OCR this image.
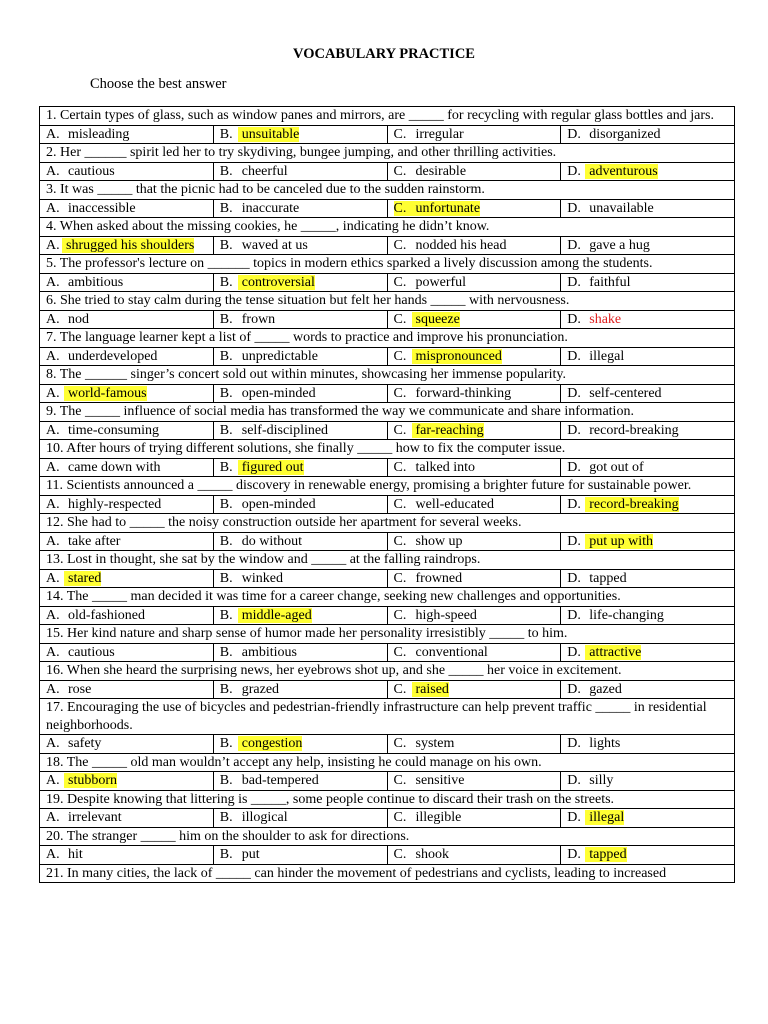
VOCABULARY PRACTICE
Choose the best answer
1. Certain types of glass, such as window panes and mirrors, are _____ for recycling with regular glass bottles and jars.			
A. misleading	B. unsuitable	C. irregular	D. disorganized
2. Her ______ spirit led her to try skydiving, bungee jumping, and other thrilling activities.			
A. cautious	B. cheerful	C. desirable	D. adventurous
3. It was _____ that the picnic had to be canceled due to the sudden rainstorm.			
A. inaccessible	B. inaccurate	C. unfortunate	D. unavailable
4. When asked about the missing cookies, he _____, indicating he didn’t know.			
A. shrugged his shoulders	B. waved at us	C. nodded his head	D. gave a hug
5. The professor's lecture on ______ topics in modern ethics sparked a lively discussion among the students.			
A. ambitious	B. controversial	C. powerful	D. faithful
6. She tried to stay calm during the tense situation but felt her hands _____ with nervousness.			
A. nod	B. frown	C. squeeze	D. shake
7. The language learner kept a list of _____ words to practice and improve his pronunciation.			
A. underdeveloped	B. unpredictable	C. mispronounced	D. illegal
8. The ______ singer’s concert sold out within minutes, showcasing her immense popularity.			
A. world-famous	B. open-minded	C. forward-thinking	D. self-centered
9. The _____ influence of social media has transformed the way we communicate and share information.			
A. time-consuming	B. self-disciplined	C. far-reaching	D. record-breaking
10. After hours of trying different solutions, she finally _____ how to fix the computer issue.			
A. came down with	B. figured out	C. talked into	D. got out of
11. Scientists announced a _____ discovery in renewable energy, promising a brighter future for sustainable power.			
A. highly-respected	B. open-minded	C. well-educated	D. record-breaking
12. She had to _____ the noisy construction outside her apartment for several weeks.			
A. take after	B. do without	C. show up	D. put up with
13. Lost in thought, she sat by the window and _____ at the falling raindrops.			
A. stared	B. winked	C. frowned	D. tapped
14. The _____ man decided it was time for a career change, seeking new challenges and opportunities.			
A. old-fashioned	B. middle-aged	C. high-speed	D. life-changing
15. Her kind nature and sharp sense of humor made her personality irresistibly _____ to him.			
A. cautious	B. ambitious	C. conventional	D. attractive
16. When she heard the surprising news, her eyebrows shot up, and she _____ her voice in excitement.			
A. rose	B. grazed	C. raised	D. gazed
17. Encouraging the use of bicycles and pedestrian-friendly infrastructure can help prevent traffic _____ in residential neighborhoods.			
A. safety	B. congestion	C. system	D. lights
18. The _____ old man wouldn’t accept any help, insisting he could manage on his own.			
A. stubborn	B. bad-tempered	C. sensitive	D. silly
19. Despite knowing that littering is _____, some people continue to discard their trash on the streets.			
A. irrelevant	B. illogical	C. illegible	D. illegal
20. The stranger _____ him on the shoulder to ask for directions.			
A. hit	B. put	C. shook	D. tapped
21. In many cities, the lack of _____ can hinder the movement of pedestrians and cyclists, leading to increased			
